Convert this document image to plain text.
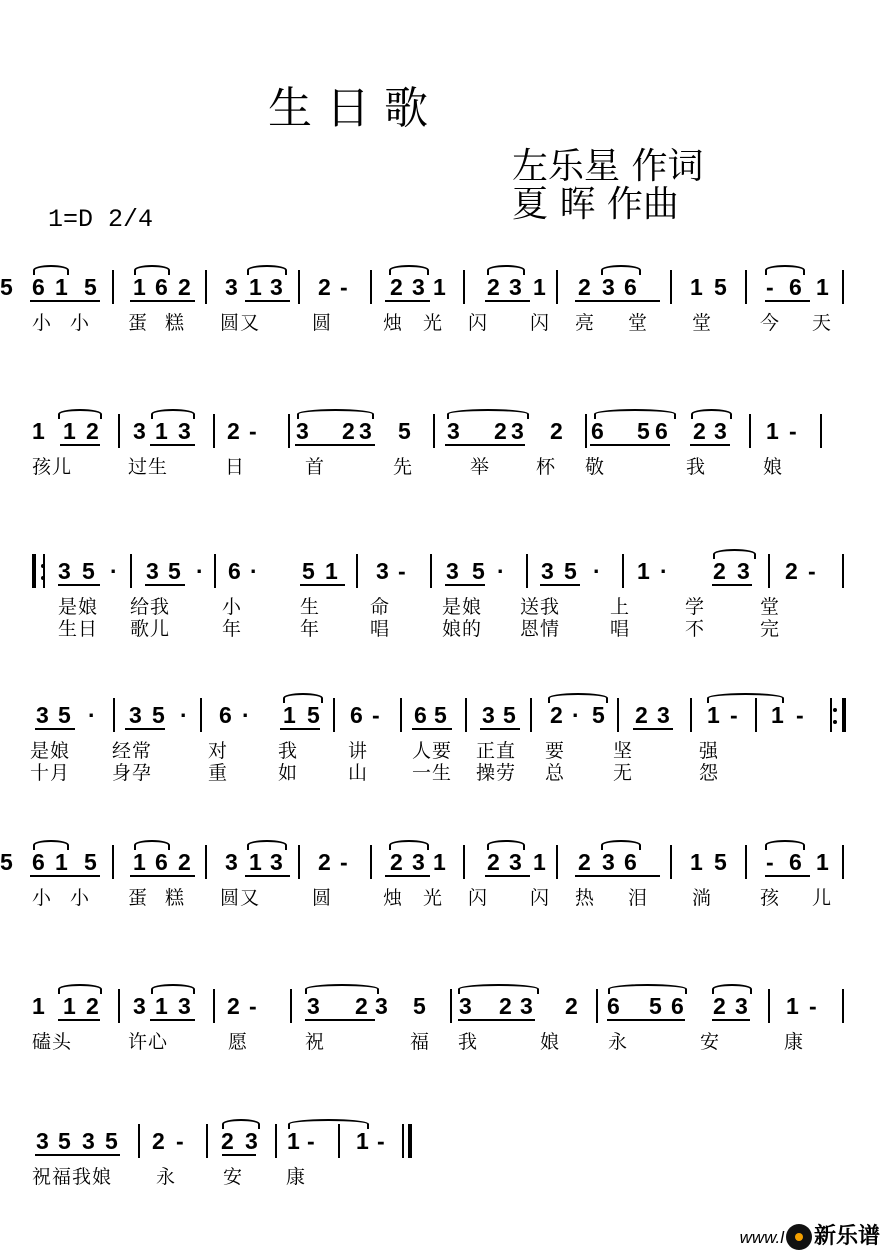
生日歌
左乐星 作词
夏 晖 作曲
1=D 2/4
6 1 5 1 6 2 3 1 3 2 - 2 3 1 2 3 1 2 3 6 1 5 - 6 1
5
小 小 蛋 糕 圆又	圆	烛 光 闪 闪 亮 堂 堂	今 天
1 1 2 3 1 3 2 - 3 2 3 5 3 2 3 2 6 5 6 2 3 1 -
孩儿	过生	日	首	先	举 杯 敬	我	娘
3 5 · 3 5 · 6 · 5 1 3 - 3 5 · 3 5 · 1 · 2 3 2 -
是娘 给我	小	生	命	是娘 送我	上	学	堂
生日 歌儿	年	年	唱	娘的 恩情	唱	不	完
3 5 · 3 5 · 6 · 1 5 6 - 6 5 3 5 2 · 5 2 3 1 - 1 -
是娘 经常	对	我	讲 人要 正直 要	坚	强
十月 身孕	重	如	山 一生 操劳 总	无	怨
6 1 5 1 6 2 3 1 3 2 - 2 3 1 2 3 1 2 3 6 1 5 - 6 1
5
小 小 蛋 糕 圆又	圆	烛 光 闪 闪 热 泪 淌	孩 儿
1 1 2 3 1 3 2 - 3 2 3 5 3 2 3 2 6 5 6 2 3 1 -
磕头	许心	愿	祝	福 我	娘	永	安	康
3 5 3 5 2 - 2 3 1 - 1 -
祝福我娘 永 安 康
www.l 新乐谱
